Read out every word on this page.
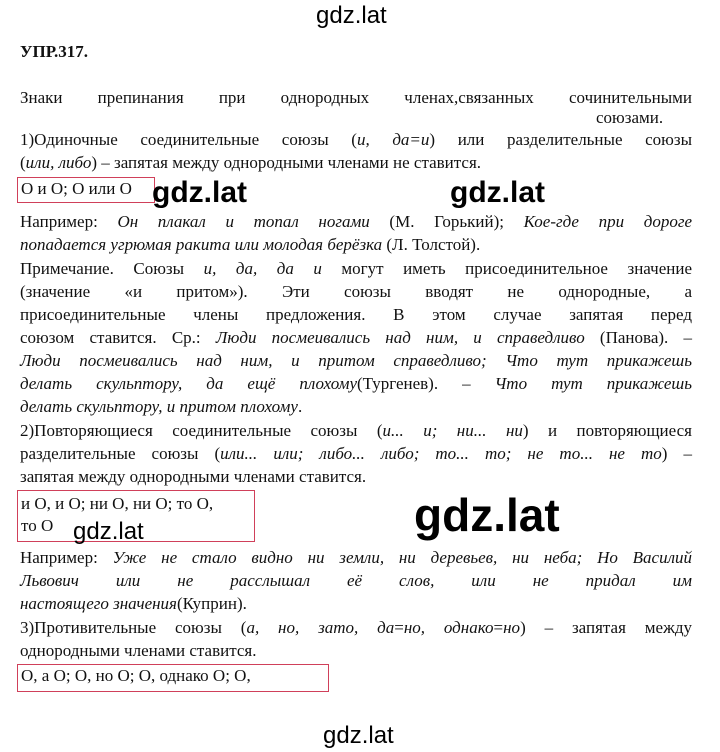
gdz.lat
УПР.317.
Знаки препинания при однородных членах,связанных сочинительными
союзами.
1)Одиночные соединительные союзы (и, да=и) или разделительные союзы
(или, либо) – запятая между однородными членами не ставится.
О и О; О или О gdz.lat	gdz.lat
Например: Он плакал и топал ногами (М. Горький); Кое-где при дороге
попадается угрюмая ракита или молодая берёзка (Л. Толстой).
Примечание. Союзы и, да, да и могут иметь присоединительное значение
(значение «и притом»). Эти союзы вводят не однородные, а
присоединительные члены предложения. В этом случае запятая перед
союзом ставится. Ср.: Люди посмеивались над ним, и справедливо (Панова). –
Люди посмеивались над ним, и притом справедливо; Что тут прикажешь
делать скульптору, да ещё плохому(Тургенев). – Что тут прикажешь
делать скульптору, и притом плохому.
2)Повторяющиеся соединительные союзы (и... и; ни... ни) и повторяющиеся
разделительные союзы (или... или; либо... либо; то... то; не то... не то) –
запятая между однородными членами ставится.
и О, и О; ни О, ни О; то О,
то О gdz.lat	gdz.lat
Например: Уже не стало видно ни земли, ни деревьев, ни неба; Но Василий
Львович или не расслышал её слов, или не придал им
настоящего значения(Куприн).
3)Противительные союзы (а, но, зато, да=но, однако=но) – запятая между
однородными членами ставится.
О, а О; О, но О; О, однако О; О,
gdz.lat
